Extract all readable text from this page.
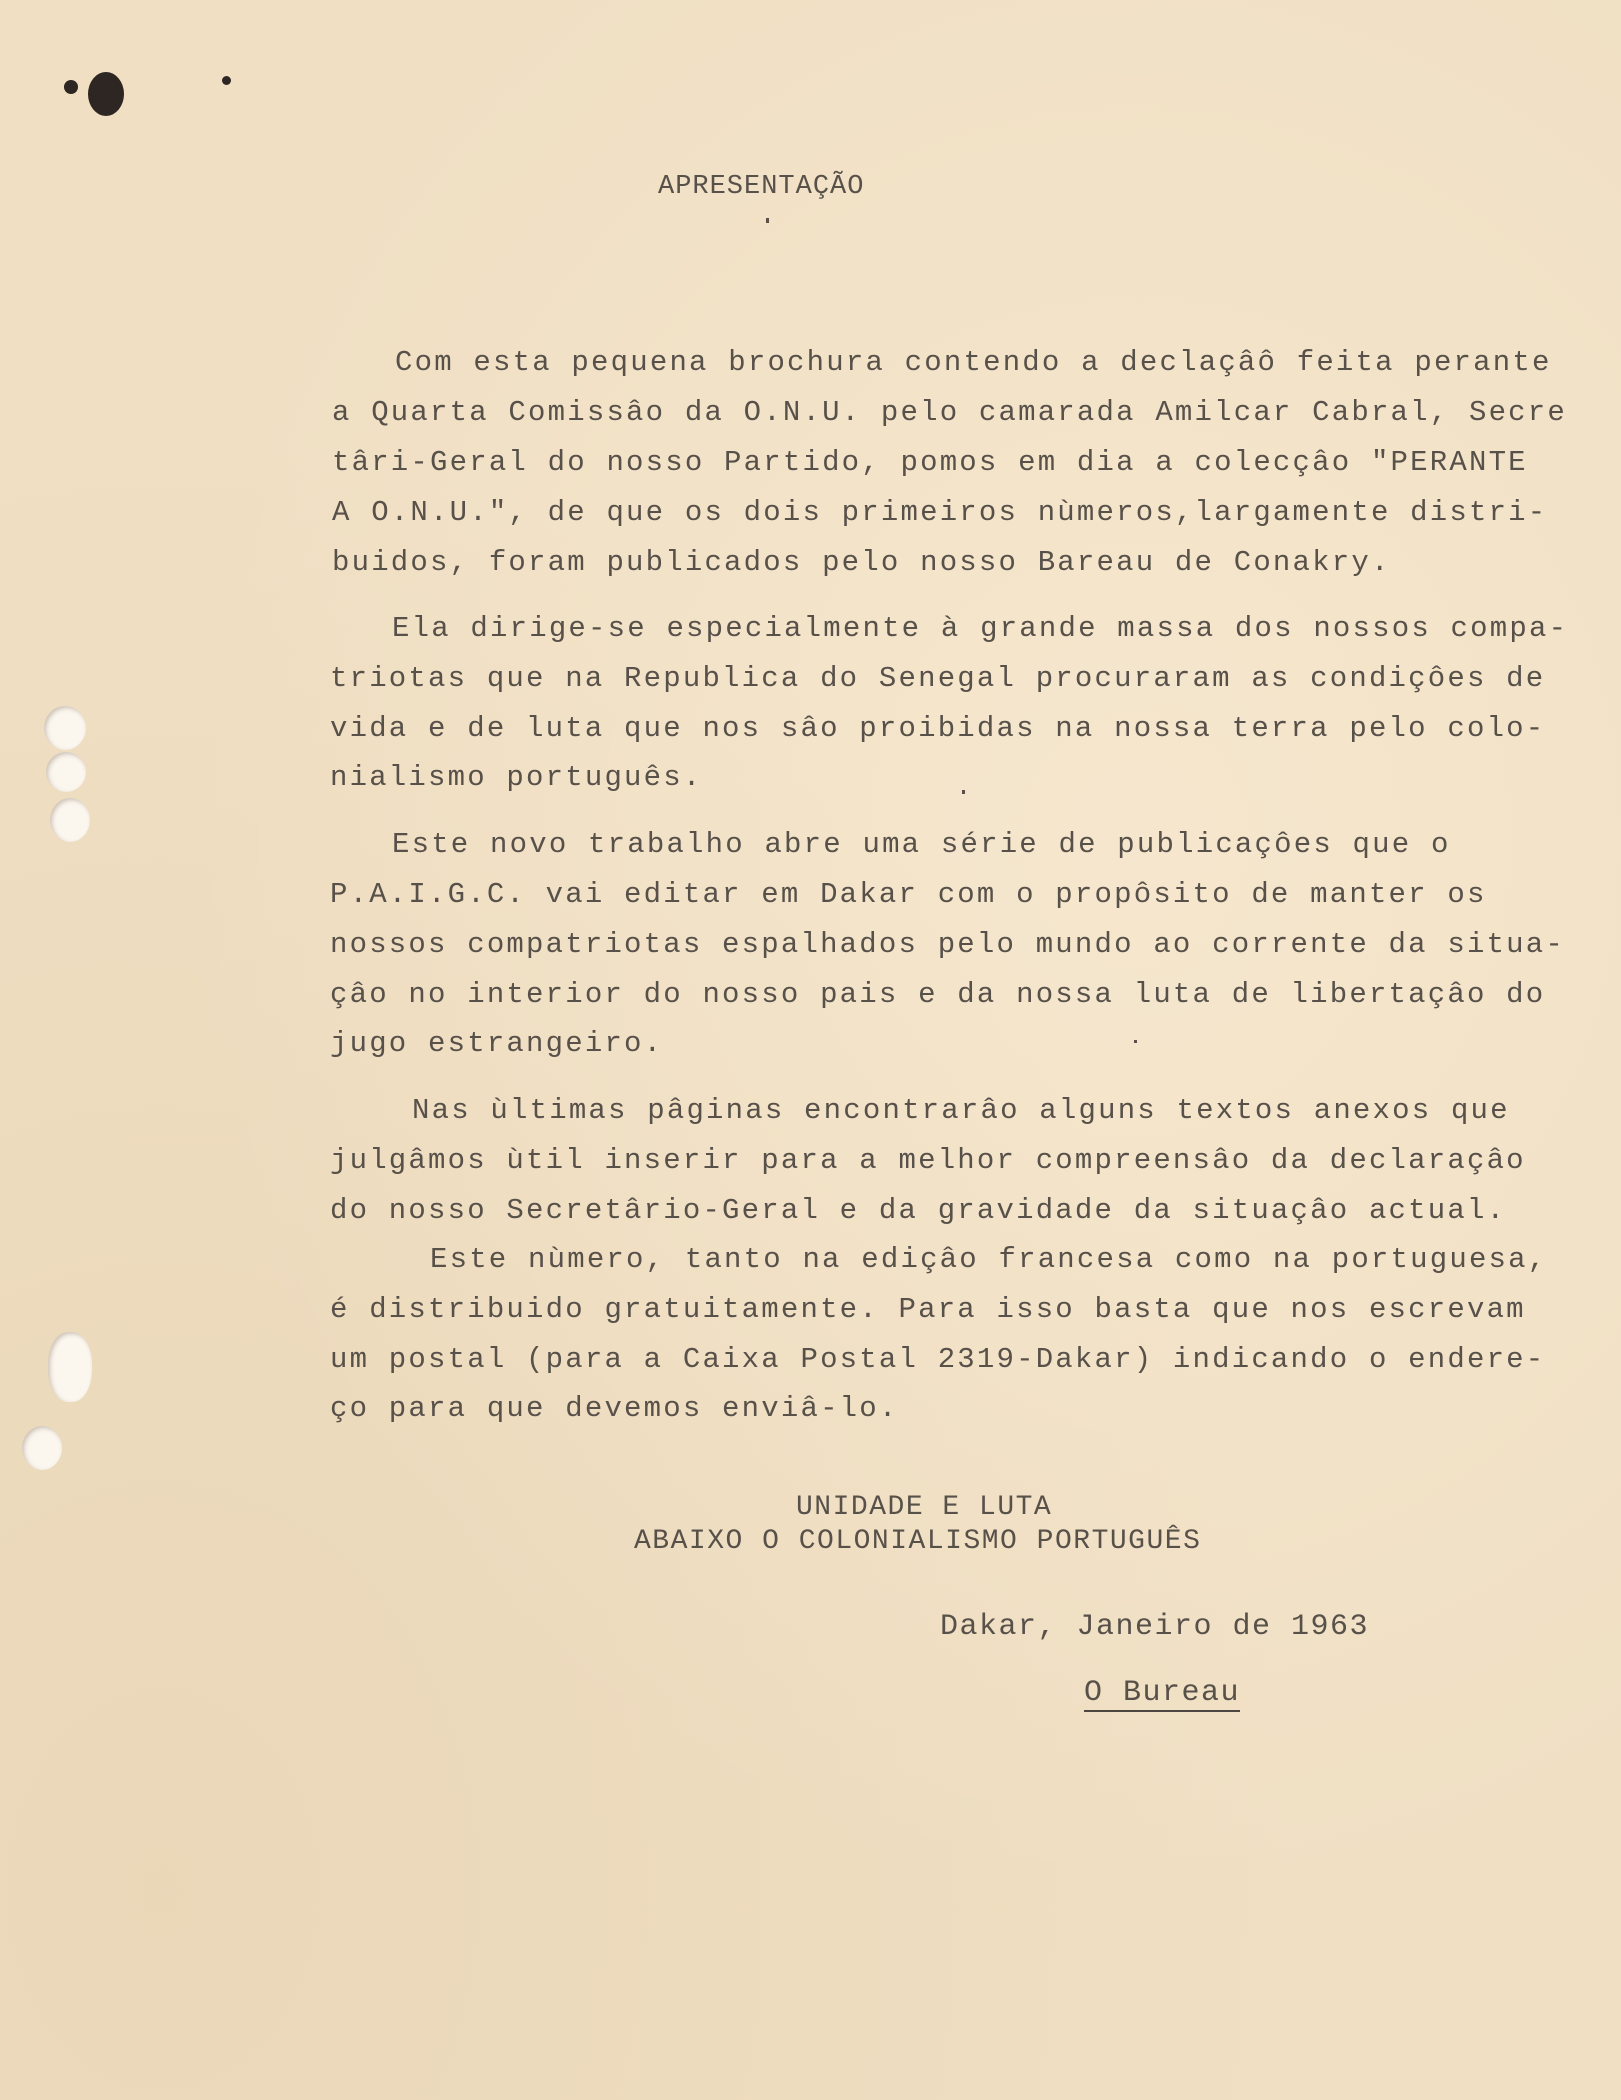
APRESENTAÇÃO
Com esta pequena brochura contendo a declaçâô feita perante
a Quarta Comissâo da O.N.U. pelo camarada Amilcar Cabral, Secre
târi-Geral do nosso Partido, pomos em dia a colecçâo "PERANTE
A O.N.U.", de que os dois primeiros nùmeros,largamente distri-
buidos, foram publicados pelo nosso Bareau de Conakry.
Ela dirige-se especialmente à grande massa dos nossos compa-
triotas que na Republica do Senegal procuraram as condiçôes de
vida e de luta que nos sâo proibidas na nossa terra pelo colo-
nialismo português.
Este novo trabalho abre uma série de publicaçôes que o
P.A.I.G.C. vai editar em Dakar com o propôsito de manter os
nossos compatriotas espalhados pelo mundo ao corrente da situa-
çâo no interior do nosso pais e da nossa luta de libertaçâo do
jugo estrangeiro.
Nas ùltimas pâginas encontrarâo alguns textos anexos que
julgâmos ùtil inserir para a melhor compreensâo da declaraçâo
do nosso Secretârio-Geral e da gravidade da situaçâo actual.
Este nùmero, tanto na ediçâo francesa como na portuguesa,
é distribuido gratuitamente. Para isso basta que nos escrevam
um postal (para a Caixa Postal 2319-Dakar) indicando o endere-
ço para que devemos enviâ-lo.
UNIDADE E LUTA
ABAIXO O COLONIALISMO PORTUGUÊS
Dakar, Janeiro de 1963
O Bureau
